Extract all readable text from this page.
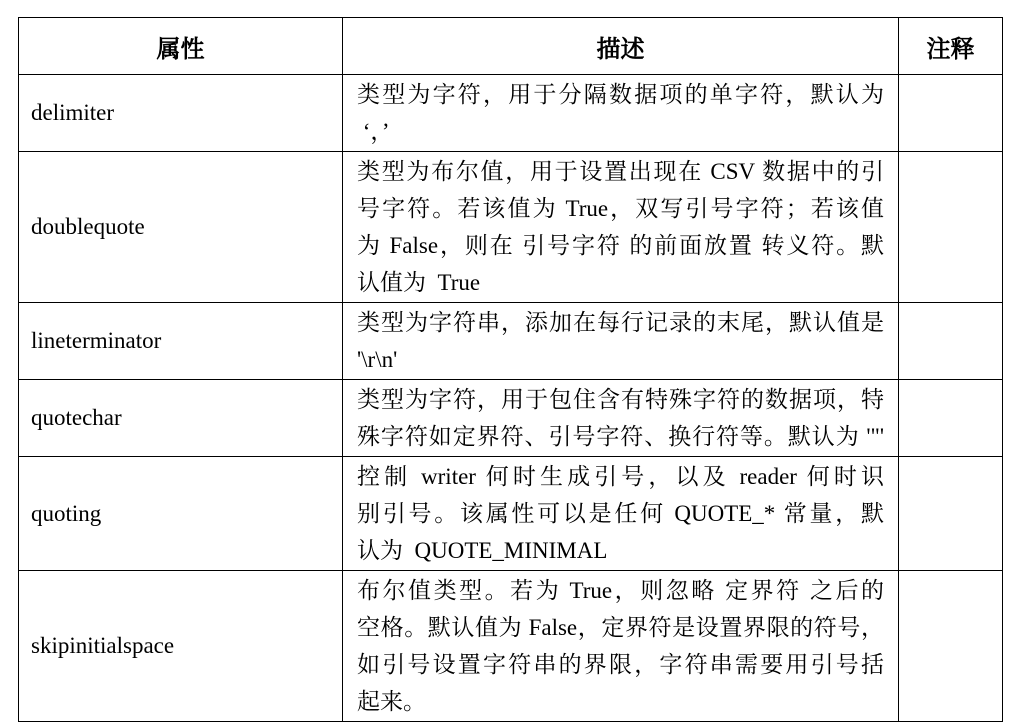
属性	描述	注释
delimiter	类型为字符，用于分隔数据项的单字符，默认为
‘，’	

doublequote	类型为布尔值，用于设置出现在 CSV 数据中的引
号字符。若该值为 True，双写引号字符；若该值
为 False，则在 引号字符 的前面放置 转义符。默
认值为  True	

lineterminator	类型为字符串，添加在每行记录的末尾，默认值是
'\r\n'	

quotechar	类型为字符，用于包住含有特殊字符的数据项，特
殊字符如定界符、引号字符、换行符等。默认为 '"'	

quoting	控制 writer 何时生成引号，以及 reader 何时识
别引号。该属性可以是任何 QUOTE_* 常量，默
认为  QUOTE_MINIMAL	

skipinitialspace	布尔值类型。若为 True，则忽略 定界符 之后的
空格。默认值为 False，定界符是设置界限的符号，
如引号设置字符串的界限，字符串需要用引号括
起来。	
